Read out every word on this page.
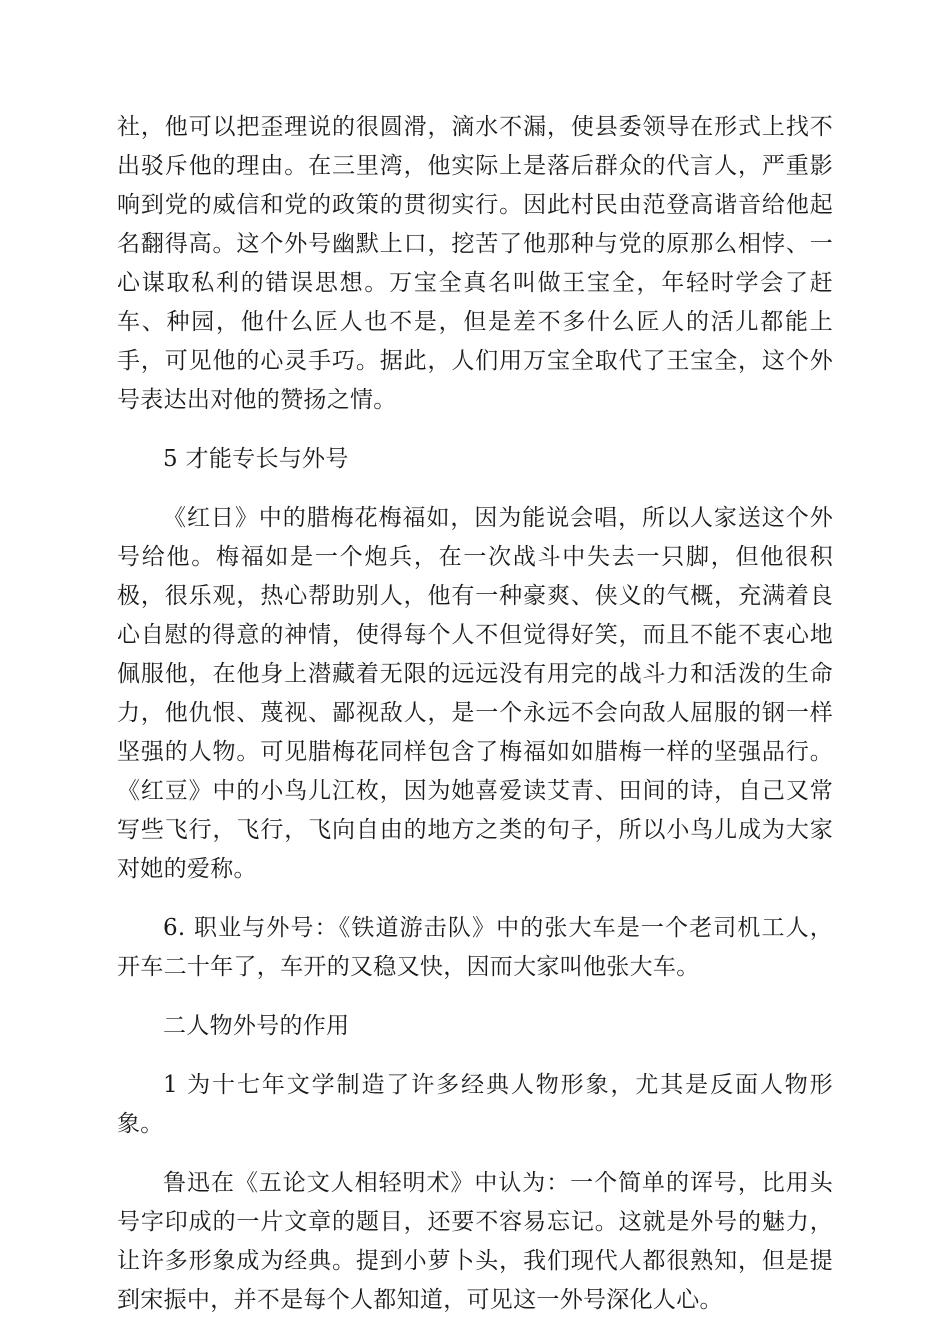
社，他可以把歪理说的很圆滑，滴水不漏，使县委领导在形式上找不出驳斥他的理由。在三里湾，他实际上是落后群众的代言人，严重影响到党的威信和党的政策的贯彻实行。因此村民由范登高谐音给他起名翻得高。这个外号幽默上口，挖苦了他那种与党的原那么相悖、一心谋取私利的错误思想。万宝全真名叫做王宝全，年轻时学会了赶车、种园，他什么匠人也不是，但是差不多什么匠人的活儿都能上手，可见他的心灵手巧。据此，人们用万宝全取代了王宝全，这个外号表达出对他的赞扬之情。

5 才能专长与外号

《红日》中的腊梅花梅福如，因为能说会唱，所以人家送这个外号给他。梅福如是一个炮兵，在一次战斗中失去一只脚，但他很积极，很乐观，热心帮助别人，他有一种豪爽、侠义的气概，充满着良心自慰的得意的神情，使得每个人不但觉得好笑，而且不能不衷心地佩服他，在他身上潜藏着无限的远远没有用完的战斗力和活泼的生命力，他仇恨、蔑视、鄙视敌人，是一个永远不会向敌人屈服的钢一样坚强的人物。可见腊梅花同样包含了梅福如如腊梅一样的坚强品行。《红豆》中的小鸟儿江枚，因为她喜爱读艾青、田间的诗，自己又常写些飞行，飞行，飞向自由的地方之类的句子，所以小鸟儿成为大家对她的爱称。

6. 职业与外号：《铁道游击队》中的张大车是一个老司机工人，开车二十年了，车开的又稳又快，因而大家叫他张大车。

二人物外号的作用

1 为十七年文学制造了许多经典人物形象，尤其是反面人物形象。

鲁迅在《五论文人相轻明术》中认为：一个简单的诨号，比用头号字印成的一片文章的题目，还要不容易忘记。这就是外号的魅力，让许多形象成为经典。提到小萝卜头，我们现代人都很熟知，但是提到宋振中，并不是每个人都知道，可见这一外号深化人心。
